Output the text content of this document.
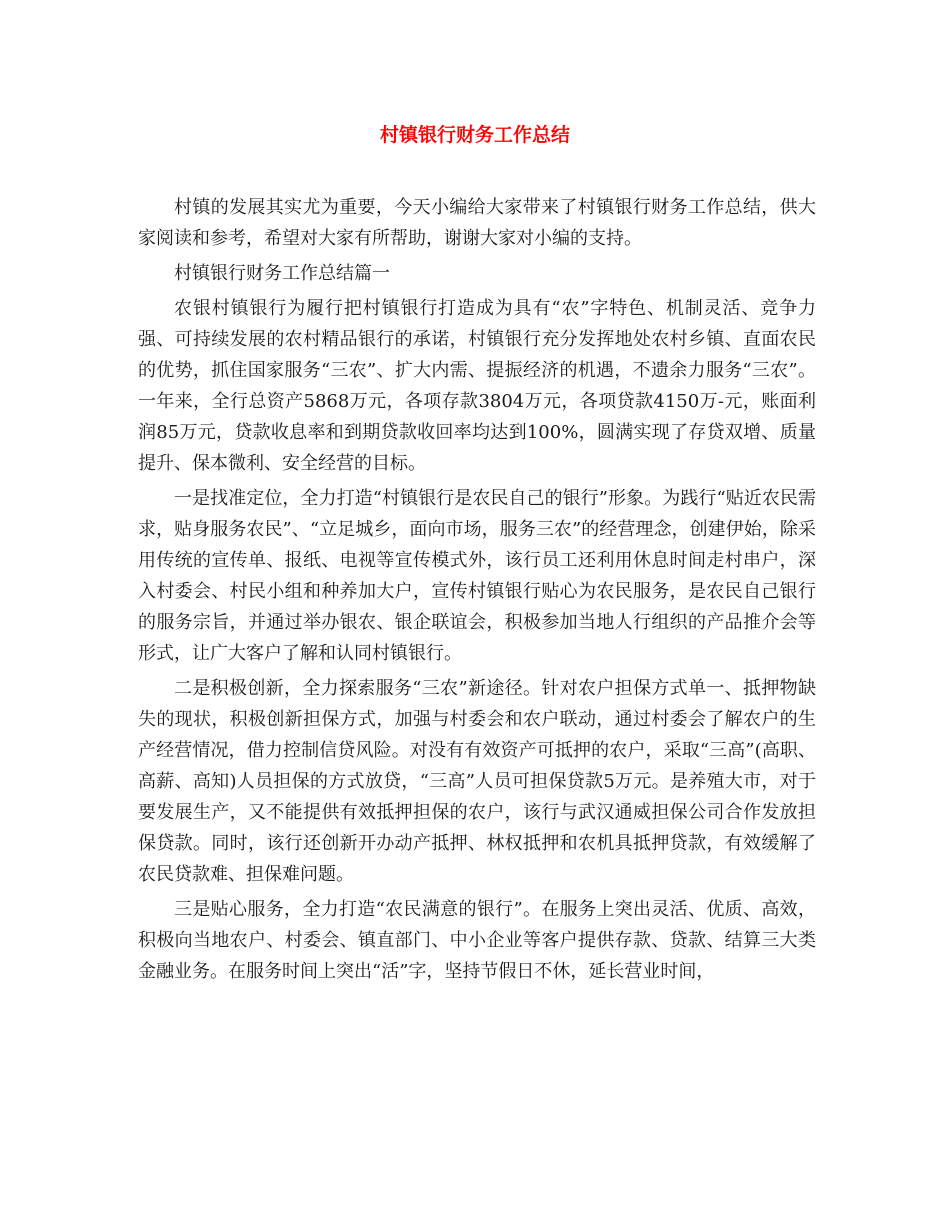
村镇银行财务工作总结

村镇的发展其实尤为重要，今天小编给大家带来了村镇银行财务工作总结，供大家阅读和参考，希望对大家有所帮助，谢谢大家对小编的支持。

村镇银行财务工作总结篇一

农银村镇银行为履行把村镇银行打造成为具有“农”字特色、机制灵活、竞争力强、可持续发展的农村精品银行的承诺，村镇银行充分发挥地处农村乡镇、直面农民的优势，抓住国家服务“三农”、扩大内需、提振经济的机遇，不遗余力服务“三农”。一年来，全行总资产5868万元，各项存款3804万元，各项贷款4150万-元，账面利润85万元，贷款收息率和到期贷款收回率均达到100%，圆满实现了存贷双增、质量提升、保本微利、安全经营的目标。

一是找准定位，全力打造“村镇银行是农民自己的银行”形象。为践行“贴近农民需求，贴身服务农民”、“立足城乡，面向市场，服务三农”的经营理念，创建伊始，除采用传统的宣传单、报纸、电视等宣传模式外，该行员工还利用休息时间走村串户，深入村委会、村民小组和种养加大户，宣传村镇银行贴心为农民服务，是农民自己银行的服务宗旨，并通过举办银农、银企联谊会，积极参加当地人行组织的产品推介会等形式，让广大客户了解和认同村镇银行。

二是积极创新，全力探索服务“三农”新途径。针对农户担保方式单一、抵押物缺失的现状，积极创新担保方式，加强与村委会和农户联动，通过村委会了解农户的生产经营情况，借力控制信贷风险。对没有有效资产可抵押的农户，采取“三高”(高职、高薪、高知)人员担保的方式放贷，“三高”人员可担保贷款5万元。是养殖大市，对于要发展生产，又不能提供有效抵押担保的农户，该行与武汉通威担保公司合作发放担保贷款。同时，该行还创新开办动产抵押、林权抵押和农机具抵押贷款，有效缓解了农民贷款难、担保难问题。

三是贴心服务，全力打造“农民满意的银行”。在服务上突出灵活、优质、高效，积极向当地农户、村委会、镇直部门、中小企业等客户提供存款、贷款、结算三大类金融业务。在服务时间上突出“活”字，坚持节假日不休，延长营业时间，
